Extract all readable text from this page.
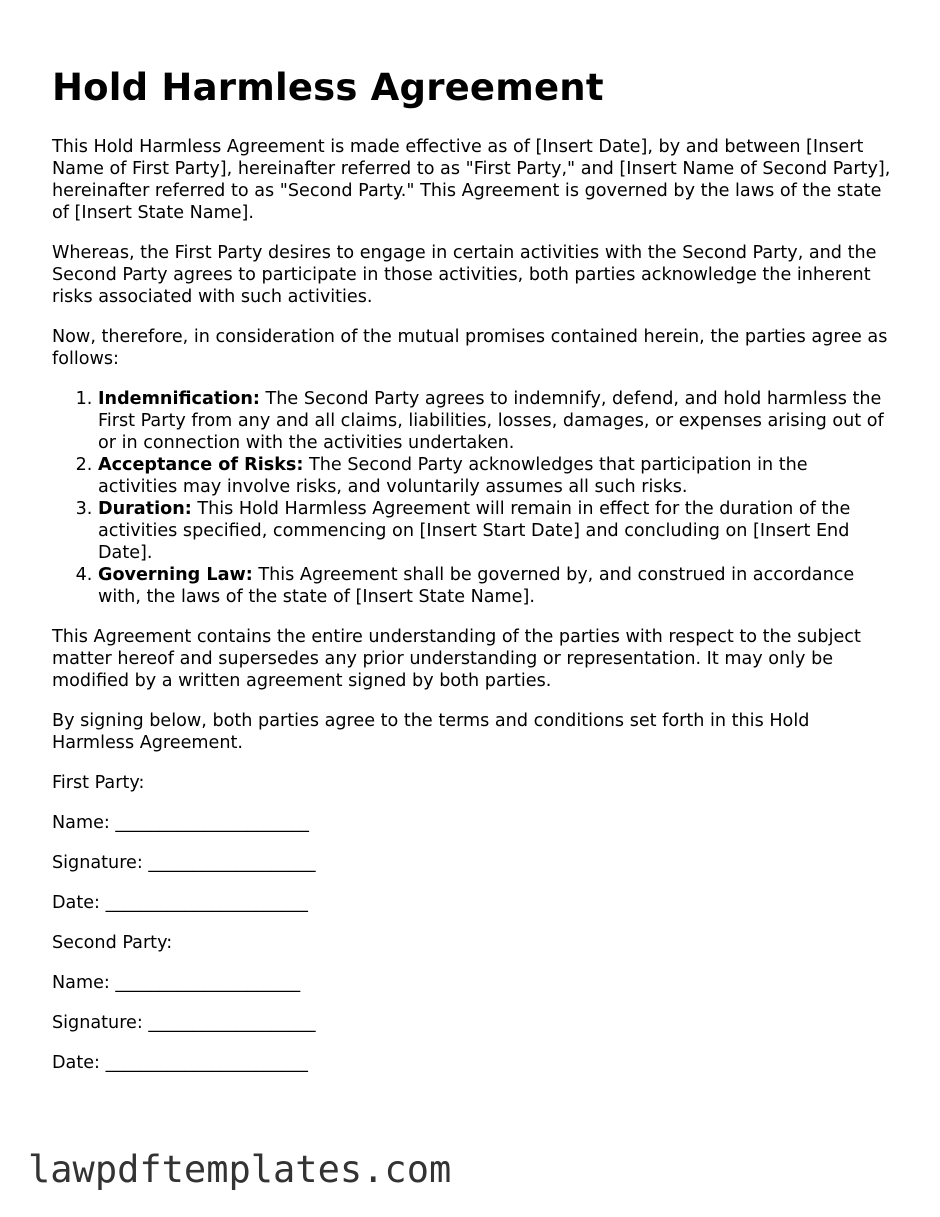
Hold Harmless Agreement

This Hold Harmless Agreement is made effective as of [Insert Date], by and between [Insert Name of First Party], hereinafter referred to as "First Party," and [Insert Name of Second Party], hereinafter referred to as "Second Party." This Agreement is governed by the laws of the state of [Insert State Name].

Whereas, the First Party desires to engage in certain activities with the Second Party, and the Second Party agrees to participate in those activities, both parties acknowledge the inherent risks associated with such activities.

Now, therefore, in consideration of the mutual promises contained herein, the parties agree as follows:

1. Indemnification: The Second Party agrees to indemnify, defend, and hold harmless the First Party from any and all claims, liabilities, losses, damages, or expenses arising out of or in connection with the activities undertaken.
2. Acceptance of Risks: The Second Party acknowledges that participation in the activities may involve risks, and voluntarily assumes all such risks.
3. Duration: This Hold Harmless Agreement will remain in effect for the duration of the activities specified, commencing on [Insert Start Date] and concluding on [Insert End Date].
4. Governing Law: This Agreement shall be governed by, and construed in accordance with, the laws of the state of [Insert State Name].

This Agreement contains the entire understanding of the parties with respect to the subject matter hereof and supersedes any prior understanding or representation. It may only be modified by a written agreement signed by both parties.

By signing below, both parties agree to the terms and conditions set forth in this Hold Harmless Agreement.

First Party:
Name: ______________________
Signature: ___________________
Date: _______________________
Second Party:
Name: _____________________
Signature: ___________________
Date: _______________________
lawpdftemplates.com
